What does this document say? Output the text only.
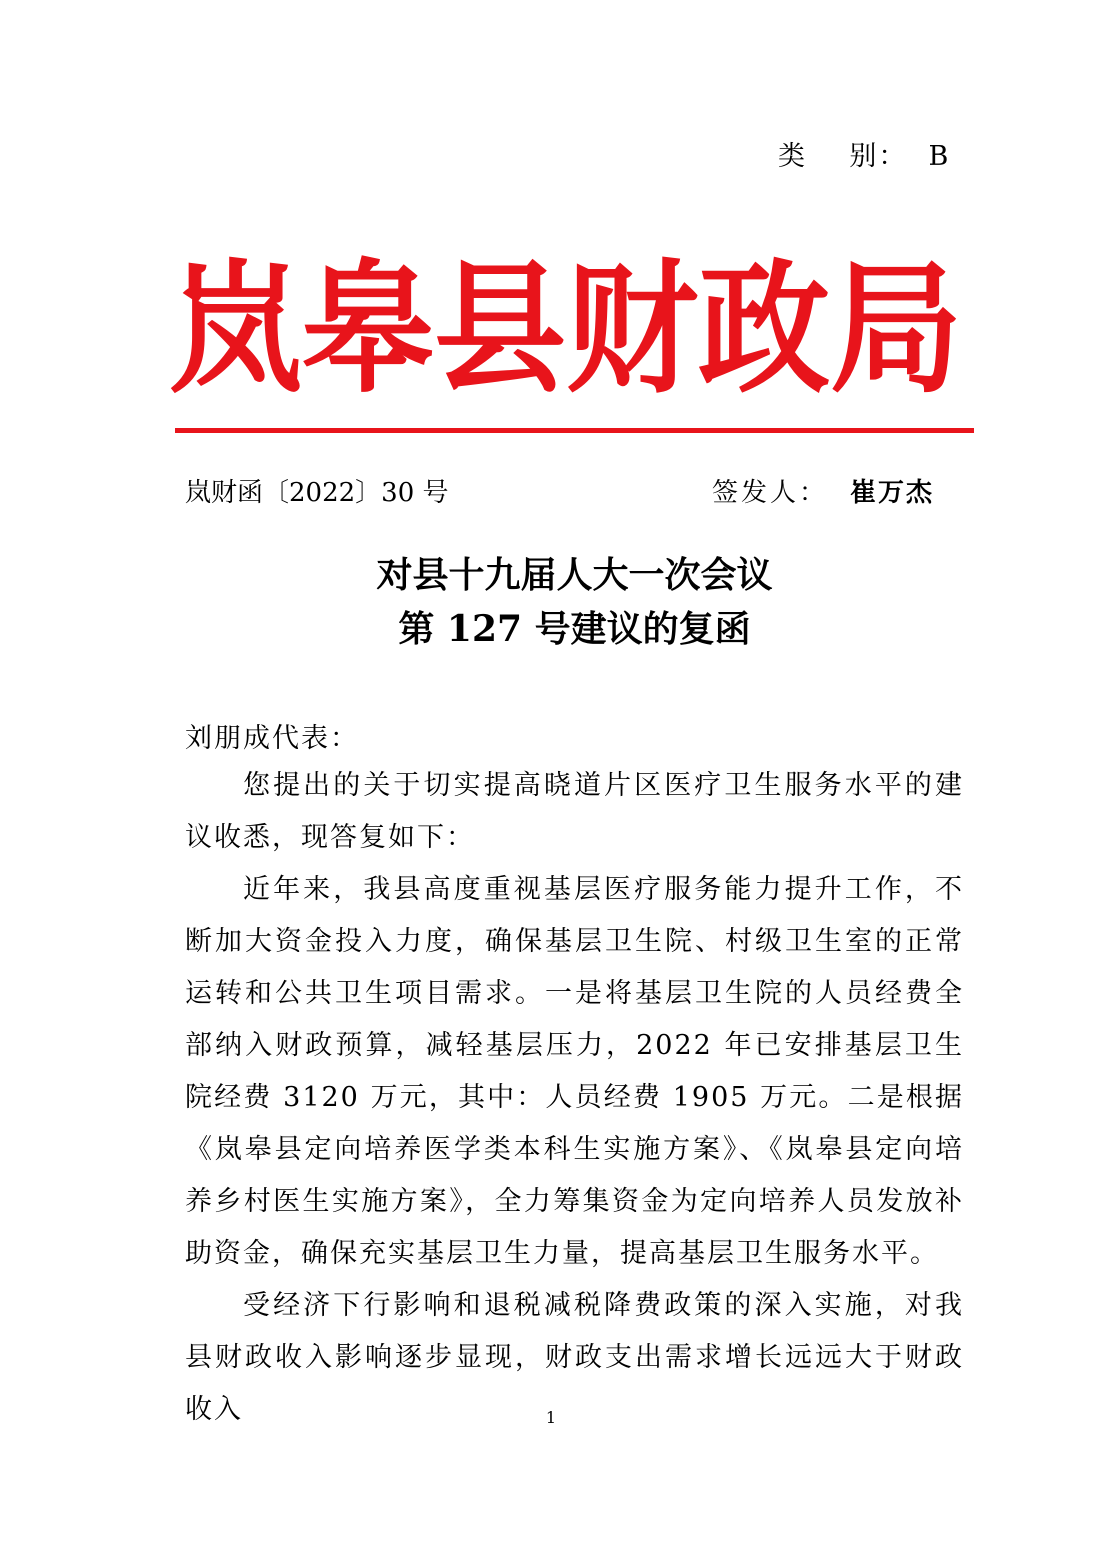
类    别：  B
岚 皋 县 财 政 局
岚财函〔2022〕30 号	签发人： 崔万杰
对县十九届人大一次会议
第 127 号建议的复函
刘朋成代表：

您提出的关于切实提高晓道片区医疗卫生服务水平的建议收悉，现答复如下：

近年来，我县高度重视基层医疗服务能力提升工作，不断加大资金投入力度，确保基层卫生院、村级卫生室的正常运转和公共卫生项目需求。一是将基层卫生院的人员经费全部纳入财政预算，减轻基层压力，2022 年已安排基层卫生院经费 3120 万元，其中：人员经费 1905 万元。二是根据《岚皋县定向培养医学类本科生实施方案》、《岚皋县定向培养乡村医生实施方案》，全力筹集资金为定向培养人员发放补助资金，确保充实基层卫生力量，提高基层卫生服务水平。

受经济下行影响和退税减税降费政策的深入实施，对我县财政收入影响逐步显现，财政支出需求增长远远大于财政收入	1
